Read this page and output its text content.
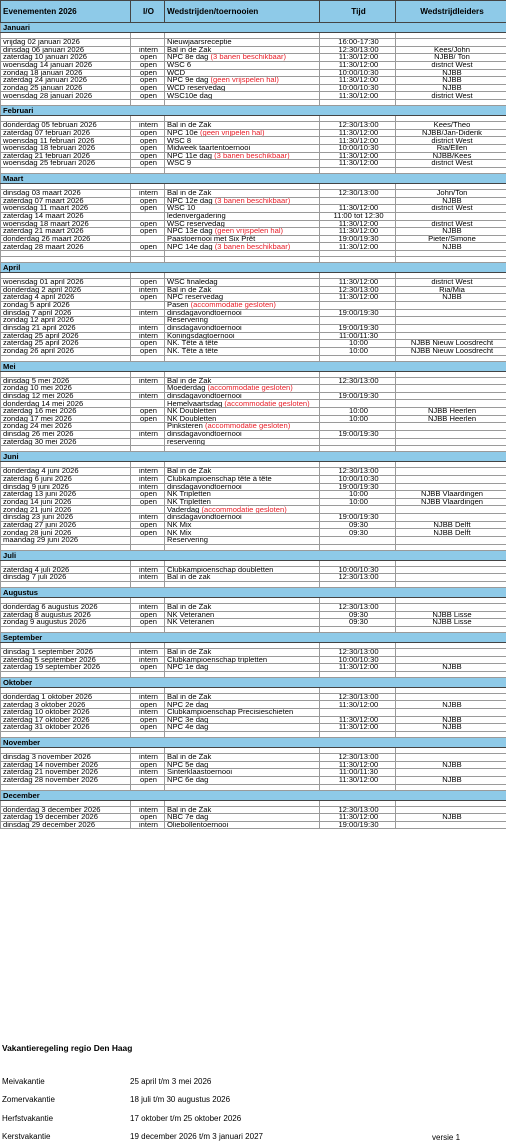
Evenementen 2026	I/O	Wedstrijden/toernooien	Tijd	Wedstrijdleiders
Januari				

vrijdag 02 januari 2026		Nieuwjaarsreceptie	16:00-17:30	
dinsdag 06 januari 2026	intern	Bal in de Zak	12:30/13:00	Kees/John
zaterdag 10 januari 2026	open	NPC 8e dag (3 banen beschikbaar)	11:30/12:00	NJBB/ Ton
woensdag 14 januari 2026	open	WSC 6	11:30/12:00	district West
zondag 18 januari 2026	open	WCD	10:00/10:30	NJBB
zaterdag 24 januari 2026	open	NPC 9e dag (geen vrijspelen hal)	11:30/12:00	NJBB
zondag 25 januari 2026	open	WCD reservedag	10:00/10:30	NJBB
woensdag 28 januari 2026	open	WSC10e dag	11:30/12:00	district West

Februari				

donderdag 05 februari 2026	intern	Bal in de Zak	12:30/13:00	Kees/Theo
zaterdag 07 februari 2026	open	NPC 10e (geen vrijpelen hal)	11:30/12:00	NJBB/Jan-Diderik
woensdag 11 februari 2026	open	WSC 8	11:30/12:00	district West
woensdag 18 februari 2026	open	Midweek taartentoernooi	10:00/10:30	Ria/Ellen
zaterdag 21 februari 2026	open	NPC 11e dag (3 banen beschikbaar)	11:30/12:00	NJBB/Kees
woensdag 25 februari 2026	open	WSC 9	11:30/12:00	district West

Maart				

dinsdag 03 maart 2026	intern	Bal in de Zak	12:30/13:00	John/Ton
zaterdag 07 maart 2026	open	NPC 12e dag (3 banen beschikbaar)		NJBB
woensdag 11 maart 2026	open	WSC 10	11:30/12:00	district West
zaterdag 14 maart 2026		ledenvergadering	11:00 tot 12:30	
woensdag 18 maart 2026	open	WSC reservedag	11:30/12:00	district West
zaterdag 21 maart 2026	open	NPC 13e dag (geen vrijspelen hal)	11:30/12:00	NJBB
donderdag 26 maart 2026		Paastoernooi met Six Prêt	19:00/19:30	Pieter/Simone
zaterdag 28 maart 2026	open	NPC 14e dag (3 banen beschikbaar)	11:30/12:00	NJBB

April				

woensdag 01 april 2026	open	WSC finaledag	11:30/12:00	district West
donderdag 2 april 2026	intern	Bal in de Zak	12:30/13:00	Ria/Mia
zaterdag 4 april 2026	open	NPC reservedag	11:30/12:00	NJBB
zondag 5 april 2026		Pasen (accommodatie gesloten)		
dinsdag 7 april 2026	intern	dinsdagavondtoernooi	19:00/19:30	
zondag 12 april 2026		Reservering		
dinsdag 21 april 2026	intern	dinsdagavondtoernooi	19:00/19:30	
zaterdag 25 april 2026	intern	Koningsdagtoernooi	11:00/11:30	
zaterdag 25 april 2026	open	NK. Tête à tête	10:00	NJBB Nieuw Loosdrecht
zondag 26 april 2026	open	NK. Tête à tête	10:00	NJBB Nieuw Loosdrecht

Mei				

dinsdag 5 mei 2026	intern	Bal in de Zak	12:30/13:00	
zondag 10 mei 2026		Moederdag (accommodatie gesloten)		
dinsdag 12 mei 2026	intern	dinsdagavondtoernooi	19:00/19:30	
donderdag 14 mei 2026		Hemelvaartsdag (accommodatie gesloten)		
zaterdag 16 mei 2026	open	NK Doubletten	10:00	NJBB Heerlen
zondag 17 mei 2026	open	NK Doubletten	10:00	NJBB Heerlen
zondag 24 mei 2026		Pinksteren (accommodatie gesloten)		
dinsdag 26 mei 2026	intern	dinsdagavondtoernooi	19:00/19:30	
zaterdag 30 mei 2026		reservering		

Juni				

donderdag 4 juni 2026	intern	Bal in de Zak	12:30/13:00	
zaterdag 6 juni 2026	intern	Clubkampioenschap tête à tête	10:00/10:30	
dinsdag 9 juni 2026	intern	dinsdagavondtoernooi	19:00/19:30	
zaterdag 13 juni 2026	open	NK Tripletten	10:00	NJBB Vlaardingen
zondag 14 juni 2026	open	NK Tripletten	10:00	NJBB Vlaardingen
zondag 21 juni 2026		Vaderdag (accommodatie gesloten)		
dinsdag 23 juni 2026	intern	dinsdagavondtoernooi	19:00/19:30	
zaterdag 27 juni 2026	open	NK Mix	09:30	NJBB Delft
zondag 28 juni 2026	open	NK Mix	09:30	NJBB Delft
maandag 29 juni 2026		Reservering		

Juli				

zaterdag 4 juli 2026	intern	Clubkampioenschap doubletten	10:00/10:30	
dinsdag 7 juli 2026	intern	Bal in de zak	12:30/13:00	

Augustus				

donderdag 6 augustus 2026	intern	Bal in de Zak	12:30/13:00	
zaterdag 8 augustus 2026	open	NK Veteranen	09:30	NJBB Lisse
zondag 9 augustus 2026	open	NK Veteranen	09:30	NJBB Lisse

September				

dinsdag 1 september 2026	intern	Bal in de Zak	12:30/13:00	
zaterdag 5 september 2026	intern	Clubkampioenschap tripletten	10:00/10:30	
zaterdag 19 september 2026	open	NPC 1e dag	11:30/12:00	NJBB

Oktober				

donderdag 1 oktober 2026	intern	Bal in de Zak	12:30/13:00	
zaterdag 3 oktober 2026	open	NPC 2e dag	11:30/12:00	NJBB
zaterdag 10 oktober 2026	intern	Clubkampioenschap Precisieschieten		
zaterdag 17 oktober 2026	open	NPC 3e dag	11:30/12:00	NJBB
zaterdag 31 oktober 2026	open	NPC 4e dag	11:30/12:00	NJBB

November				

dinsdag 3 november 2026	intern	Bal in de Zak	12:30/13:00	
zaterdag 14 november 2026	open	NPC 5e dag	11:30/12:00	NJBB
zaterdag 21 november 2026	intern	Sinterklaastoernooi	11:00/11:30	
zaterdag 28 november 2026	open	NPC 6e dag	11:30/12:00	NJBB

December				

donderdag 3 december 2026	intern	Bal in de Zak	12:30/13:00	
zaterdag 19 december 2026	open	NBC 7e dag	11:30/12:00	NJBB
dinsdag 29 december 2026	intern	Oliebollentoernooi	19:00/19:30	
Vakantieregeling regio Den Haag
Meivakantie	25 april t/m 3 mei 2026
Zomervakantie	18 juli t/m 30 augustus 2026
Herfstvakantie	17 oktober t/m 25 oktober 2026
Kerstvakantie	19 december 2026 t/m 3 januari 2027	versie 1
